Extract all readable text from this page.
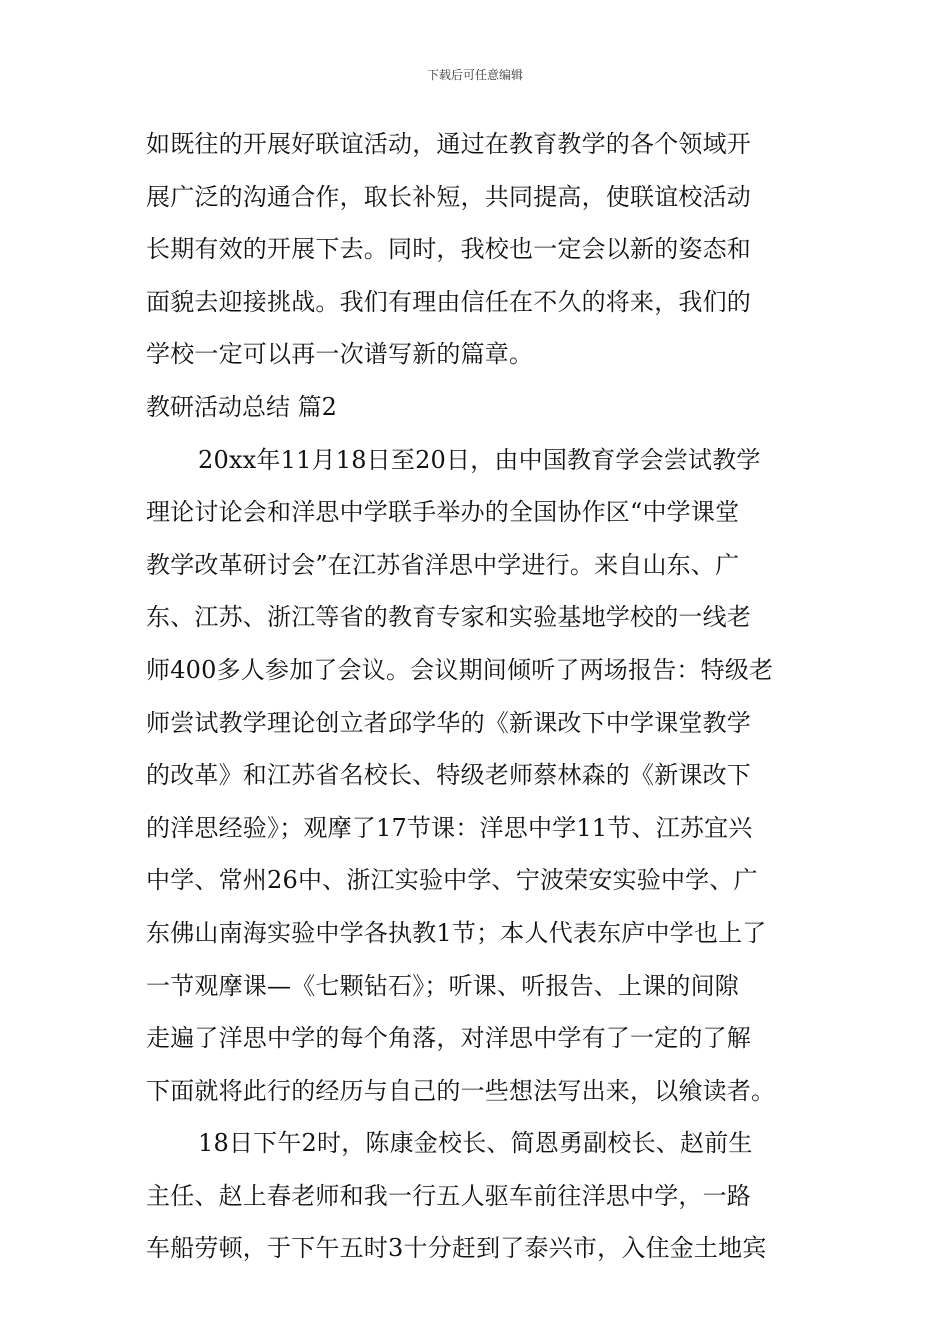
下载后可任意编辑
如既往的开展好联谊活动，通过在教育教学的各个领域开
展广泛的沟通合作，取长补短，共同提高，使联谊校活动
长期有效的开展下去。同时，我校也一定会以新的姿态和
面貌去迎接挑战。我们有理由信任在不久的将来，我们的
学校一定可以再一次谱写新的篇章。
教研活动总结 篇2
20xx年11月18日至20日，由中国教育学会尝试教学
理论讨论会和洋思中学联手举办的全国协作区“中学课堂
教学改革研讨会”在江苏省洋思中学进行。来自山东、广
东、江苏、浙江等省的教育专家和实验基地学校的一线老
师400多人参加了会议。会议期间倾听了两场报告：特级老
师尝试教学理论创立者邱学华的《新课改下中学课堂教学
的改革》和江苏省名校长、特级老师蔡林森的《新课改下
的洋思经验》；观摩了17节课：洋思中学11节、江苏宜兴
中学、常州26中、浙江实验中学、宁波荣安实验中学、广
东佛山南海实验中学各执教1节；本人代表东庐中学也上了
一节观摩课—《七颗钻石》；听课、听报告、上课的间隙
走遍了洋思中学的每个角落，对洋思中学有了一定的了解
下面就将此行的经历与自己的一些想法写出来，以飨读者。
18日下午2时，陈康金校长、简恩勇副校长、赵前生
主任、赵上春老师和我一行五人驱车前往洋思中学，一路
车船劳顿，于下午五时3十分赶到了泰兴市，入住金土地宾
